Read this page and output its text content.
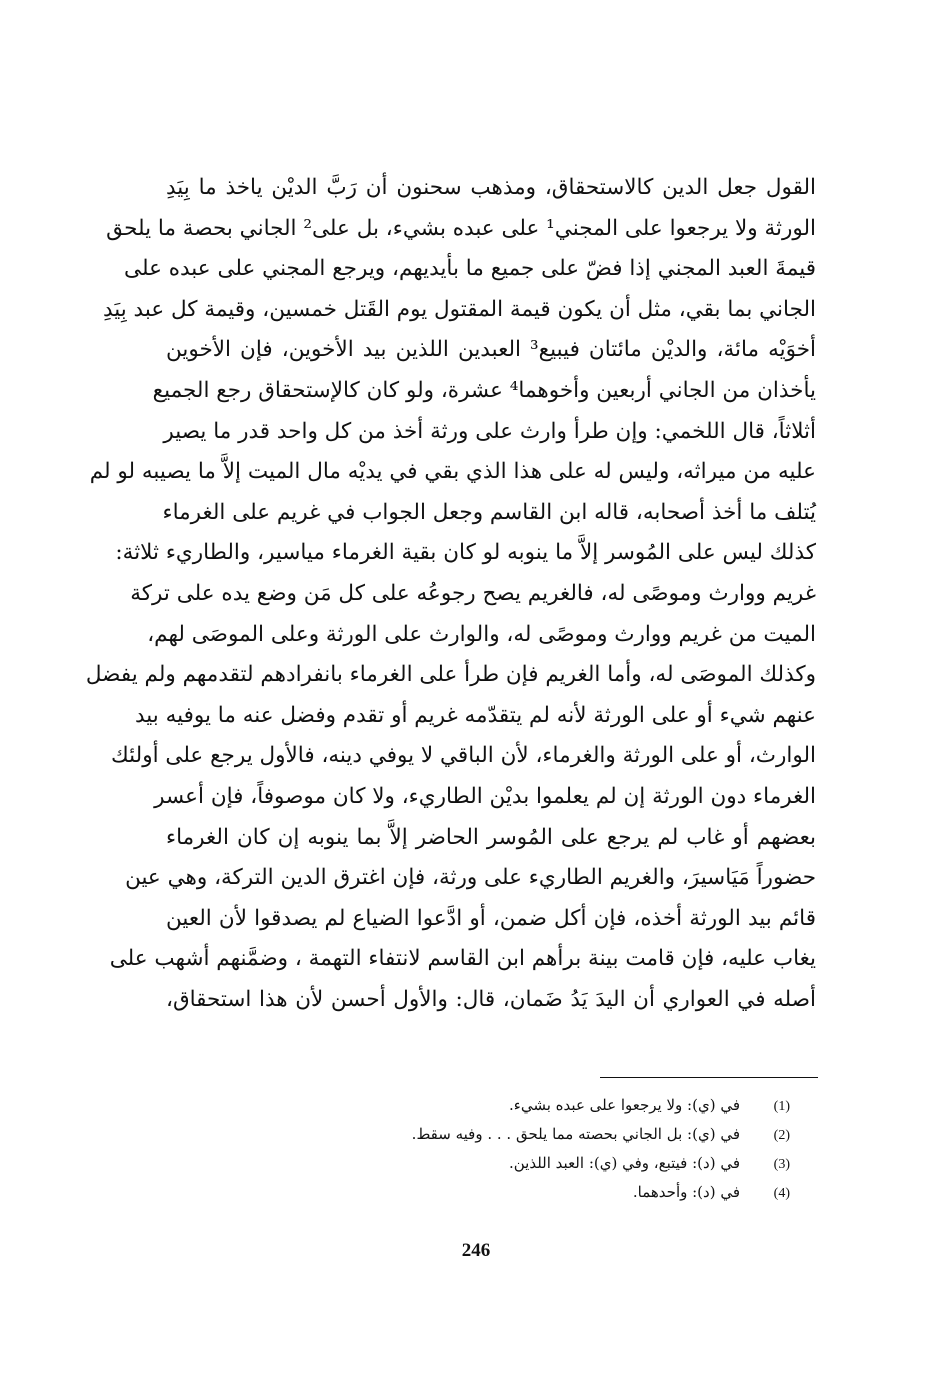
القول جعل الدين كالاستحقاق، ومذهب سحنون أن رَبَّ الديْن ياخذ ما بِيَدِ
الورثة ولا يرجعوا على المجني¹ على عبده بشيء، بل على² الجاني بحصة ما يلحق
قيمةَ العبد المجني إذا فضّ على جميع ما بأيديهم، ويرجع المجني على عبده على
الجاني بما بقي، مثل أن يكون قيمة المقتول يوم القَتل خمسين، وقيمة كل عبد بِيَدِ
أخوَيْه مائة، والديْن مائتان فيبيع³ العبدين اللذين بيد الأخوين، فإن الأخوين
يأخذان من الجاني أربعين وأخوهما⁴ عشرة، ولو كان كالإستحقاق رجع الجميع
أثلاثاً، قال اللخمي: وإن طرأ وارث على ورثة أخذ من كل واحد قدر ما يصير
عليه من ميراثه، وليس له على هذا الذي بقي في يديْه مال الميت إلاَّ ما يصيبه لو لم
يُتلف ما أخذ أصحابه، قاله ابن القاسم وجعل الجواب في غريم على الغرماء
كذلك ليس على المُوسر إلاَّ ما ينوبه لو كان بقية الغرماء مياسير، والطاريء ثلاثة:
غريم ووارث وموصًى له، فالغريم يصح رجوعُه على كل مَن وضع يده على تركة
الميت من غريم ووارث وموصًى له، والوارث على الورثة وعلى الموصَى لهم،
وكذلك الموصَى له، وأما الغريم فإن طرأ على الغرماء بانفرادهم لتقدمهم ولم يفضل
عنهم شيء أو على الورثة لأنه لم يتقدّمه غريم أو تقدم وفضل عنه ما يوفيه بيد
الوارث، أو على الورثة والغرماء، لأن الباقي لا يوفي دينه، فالأول يرجع على أولئك
الغرماء دون الورثة إن لم يعلموا بديْن الطاريء، ولا كان موصوفاً، فإن أعسر
بعضهم أو غاب لم يرجع على المُوسر الحاضر إلاَّ بما ينوبه إن كان الغرماء
حضوراً مَيَاسيرَ، والغريم الطاريء على ورثة، فإن اغترق الدين التركة، وهي عين
قائم بيد الورثة أخذه، فإن أكل ضمن، أو ادَّعوا الضياع لم يصدقوا لأن العين
يغاب عليه، فإن قامت بينة برأهم ابن القاسم لانتفاء التهمة ، وضمَّنهم أشهب على
أصله في العواري أن اليدَ يَدُ ضَمان، قال: والأول أحسن لأن هذا استحقاق،
(1)
في (ي): ولا يرجعوا على عبده بشيء.
(2)
في (ي): بل الجاني بحصته مما يلحق . . . وفيه سقط.
(3)
في (د): فيتبع، وفي (ي): العبد اللذين.
(4)
في (د): وأحدهما.
246
